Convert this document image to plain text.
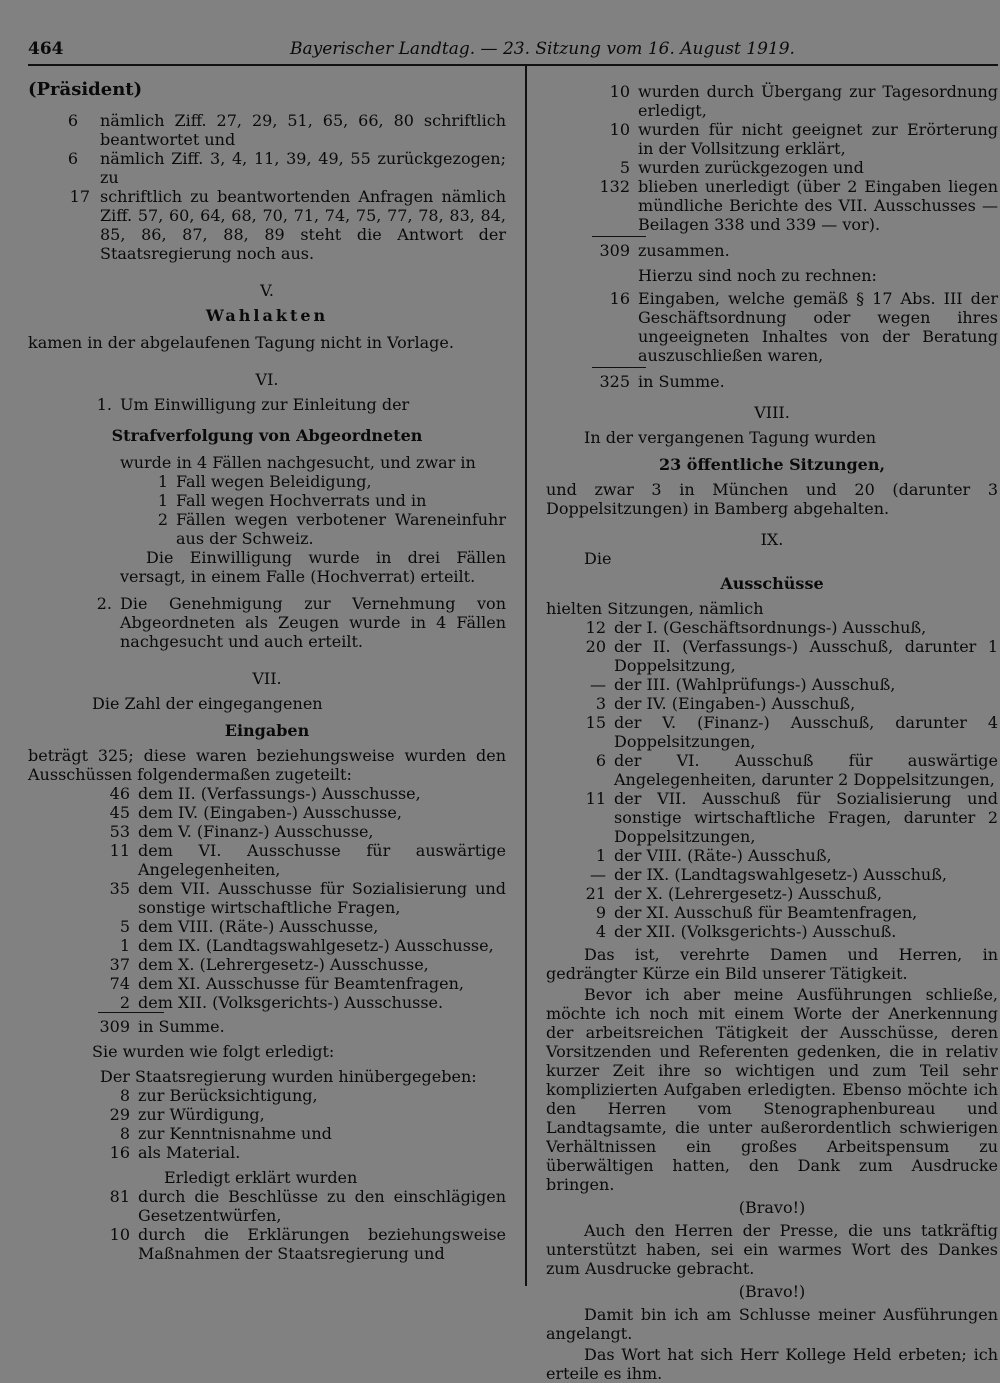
464	Bayerischer Landtag. — 23. Sitzung vom 16. August 1919.

(Präsident)

6	nämlich Ziff. 27, 29, 51, 65, 66, 80 schriftlich beantwortet und
6	nämlich Ziff. 3, 4, 11, 39, 49, 55 zurückgezogen; zu
17 schriftlich zu beantwortenden Anfragen nämlich Ziff. 57, 60, 64, 68, 70, 71, 74, 75, 77, 78, 83, 84, 85, 86, 87, 88, 89 steht die Antwort der Staatsregierung noch aus.

V.

Wahlakten

kamen in der abgelaufenen Tagung nicht in Vorlage.

VI.

1. Um Einwilligung zur Einleitung der

Strafverfolgung von Abgeordneten

wurde in 4 Fällen nachgesucht, und zwar in

1 Fall wegen Beleidigung,
1 Fall wegen Hochverrats und in
2 Fällen wegen verbotener Wareneinfuhr aus der Schweiz.

Die Einwilligung wurde in drei Fällen versagt, in einem Falle (Hochverrat) erteilt.

2. Die Genehmigung zur Vernehmung von Abgeordneten als Zeugen wurde in 4 Fällen nachgesucht und auch erteilt.

VII.

Die Zahl der eingegangenen

Eingaben

beträgt 325; diese waren beziehungsweise wurden den Ausschüssen folgendermaßen zugeteilt:

46 dem II. (Verfassungs-) Ausschusse,
45 dem IV. (Eingaben-) Ausschusse,
53 dem V. (Finanz-) Ausschusse,
11 dem VI. Ausschusse für auswärtige Angelegenheiten,
35 dem VII. Ausschusse für Sozialisierung und sonstige wirtschaftliche Fragen,
5 dem VIII. (Räte-) Ausschusse,
1 dem IX. (Landtagswahlgesetz-) Ausschusse,
37 dem X. (Lehrergesetz-) Ausschusse,
74 dem XI. Ausschusse für Beamtenfragen,
2 dem XII. (Volksgerichts-) Ausschusse.
309 in Summe.

Sie wurden wie folgt erledigt:

Der Staatsregierung wurden hinübergegeben:

8 zur Berücksichtigung,
29 zur Würdigung,
8 zur Kenntnisnahme und
16 als Material.

Erledigt erklärt wurden

81 durch die Beschlüsse zu den einschlägigen Gesetzentwürfen,
10 durch die Erklärungen beziehungsweise Maßnahmen der Staatsregierung und
10 wurden durch Übergang zur Tagesordnung erledigt,
10 wurden für nicht geeignet zur Erörterung in der Vollsitzung erklärt,
5 wurden zurückgezogen und
132 blieben unerledigt (über 2 Eingaben liegen mündliche Berichte des VII. Ausschusses — Beilagen 338 und 339 — vor).
309 zusammen.

Hierzu sind noch zu rechnen:

16 Eingaben, welche gemäß § 17 Abs. III der Geschäftsordnung oder wegen ihres ungeeigneten Inhaltes von der Beratung auszuschließen waren,
325 in Summe.

VIII.

In der vergangenen Tagung wurden

23 öffentliche Sitzungen,

und zwar 3 in München und 20 (darunter 3 Doppelsitzungen) in Bamberg abgehalten.

IX.

Die

Ausschüsse

hielten Sitzungen, nämlich

12 der I. (Geschäftsordnungs-) Ausschuß,
20 der II. (Verfassungs-) Ausschuß, darunter 1 Doppelsitzung,
— der III. (Wahlprüfungs-) Ausschuß,
3 der IV. (Eingaben-) Ausschuß,
15 der V. (Finanz-) Ausschuß, darunter 4 Doppelsitzungen,
6 der VI. Ausschuß für auswärtige Angelegenheiten, darunter 2 Doppelsitzungen,
11 der VII. Ausschuß für Sozialisierung und sonstige wirtschaftliche Fragen, darunter 2 Doppelsitzungen,
1 der VIII. (Räte-) Ausschuß,
— der IX. (Landtagswahlgesetz-) Ausschuß,
21 der X. (Lehrergesetz-) Ausschuß,
9 der XI. Ausschuß für Beamtenfragen,
4 der XII. (Volksgerichts-) Ausschuß.

Das ist, verehrte Damen und Herren, in gedrängter Kürze ein Bild unserer Tätigkeit.

Bevor ich aber meine Ausführungen schließe, möchte ich noch mit einem Worte der Anerkennung der arbeitsreichen Tätigkeit der Ausschüsse, deren Vorsitzenden und Referenten gedenken, die in relativ kurzer Zeit ihre so wichtigen und zum Teil sehr komplizierten Aufgaben erledigten. Ebenso möchte ich den Herren vom Stenographenbureau und Landtagsamte, die unter außerordentlich schwierigen Verhältnissen ein großes Arbeitspensum zu überwältigen hatten, den Dank zum Ausdrucke bringen.

(Bravo!)

Auch den Herren der Presse, die uns tatkräftig unterstützt haben, sei ein warmes Wort des Dankes zum Ausdrucke gebracht.

(Bravo!)

Damit bin ich am Schlusse meiner Ausführungen angelangt.

Das Wort hat sich Herr Kollege Held erbeten; ich erteile es ihm.
